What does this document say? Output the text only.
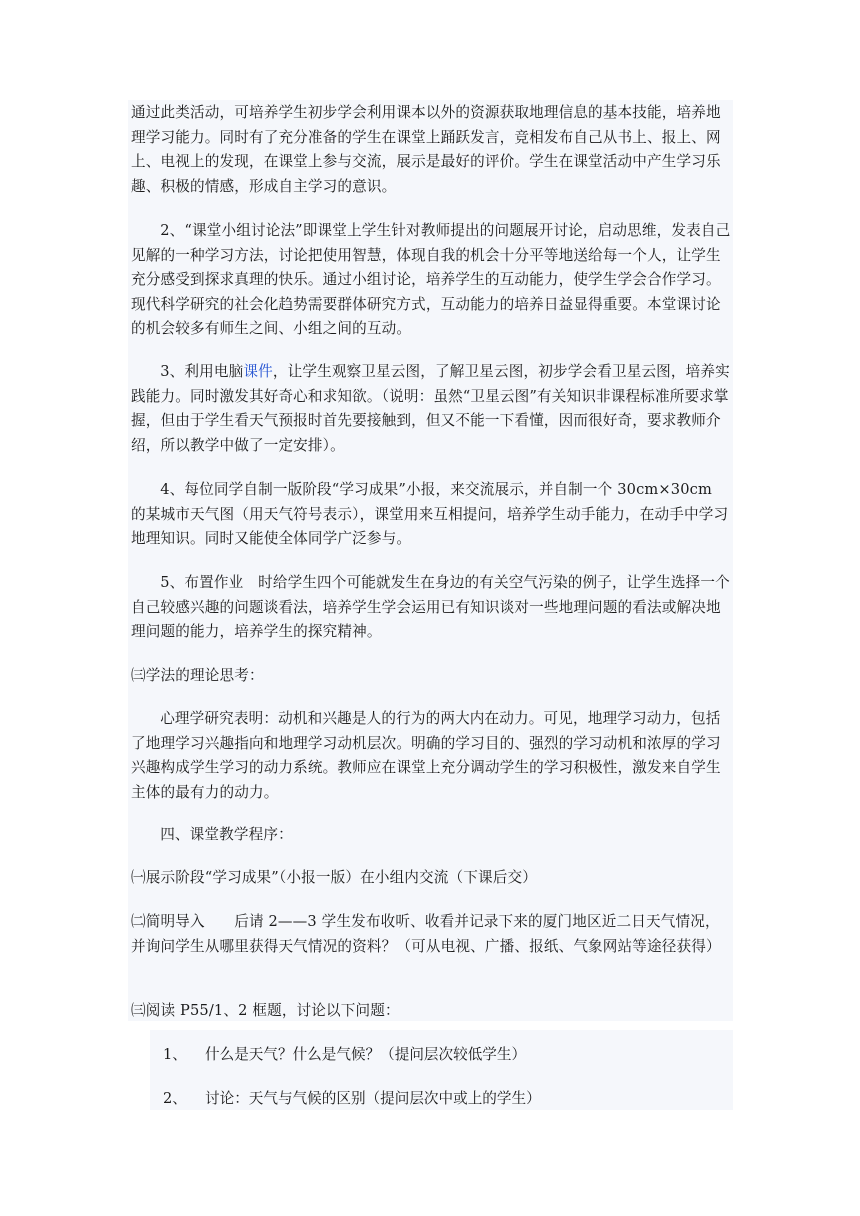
通过此类活动，可培养学生初步学会利用课本以外的资源获取地理信息的基本技能，培养地理学习能力。同时有了充分准备的学生在课堂上踊跃发言，竞相发布自己从书上、报上、网上、电视上的发现，在课堂上参与交流，展示是最好的评价。学生在课堂活动中产生学习乐趣、积极的情感，形成自主学习的意识。

2、“课堂小组讨论法”即课堂上学生针对教师提出的问题展开讨论，启动思维，发表自己见解的一种学习方法，讨论把使用智慧，体现自我的机会十分平等地送给每一个人，让学生充分感受到探求真理的快乐。通过小组讨论，培养学生的互动能力，使学生学会合作学习。现代科学研究的社会化趋势需要群体研究方式，互动能力的培养日益显得重要。本堂课讨论的机会较多有师生之间、小组之间的互动。

3、利用电脑课件，让学生观察卫星云图，了解卫星云图，初步学会看卫星云图，培养实践能力。同时激发其好奇心和求知欲。（说明：虽然“卫星云图”有关知识非课程标准所要求掌握，但由于学生看天气预报时首先要接触到，但又不能一下看懂，因而很好奇，要求教师介绍，所以教学中做了一定安排）。

4、每位同学自制一版阶段“学习成果”小报，来交流展示，并自制一个 30cm×30cm 的某城市天气图（用天气符号表示），课堂用来互相提问，培养学生动手能力，在动手中学习地理知识。同时又能使全体同学广泛参与。

5、布置作业　时给学生四个可能就发生在身边的有关空气污染的例子，让学生选择一个自己较感兴趣的问题谈看法，培养学生学会运用已有知识谈对一些地理问题的看法或解决地理问题的能力，培养学生的探究精神。

㈢学法的理论思考：

心理学研究表明：动机和兴趣是人的行为的两大内在动力。可见，地理学习动力，包括了地理学习兴趣指向和地理学习动机层次。明确的学习目的、强烈的学习动机和浓厚的学习兴趣构成学生学习的动力系统。教师应在课堂上充分调动学生的学习积极性，激发来自学生主体的最有力的动力。

四、课堂教学程序：

㈠展示阶段“学习成果”（小报一版）在小组内交流（下课后交）

㈡简明导入　　后请 2——3 学生发布收听、收看并记录下来的厦门地区近二日天气情况，并询问学生从哪里获得天气情况的资料？（可从电视、广播、报纸、气象网站等途径获得）

㈢阅读 P55/1、2 框题，讨论以下问题：

1、 什么是天气？什么是气候？（提问层次较低学生）

2、 讨论：天气与气候的区别（提问层次中或上的学生）
